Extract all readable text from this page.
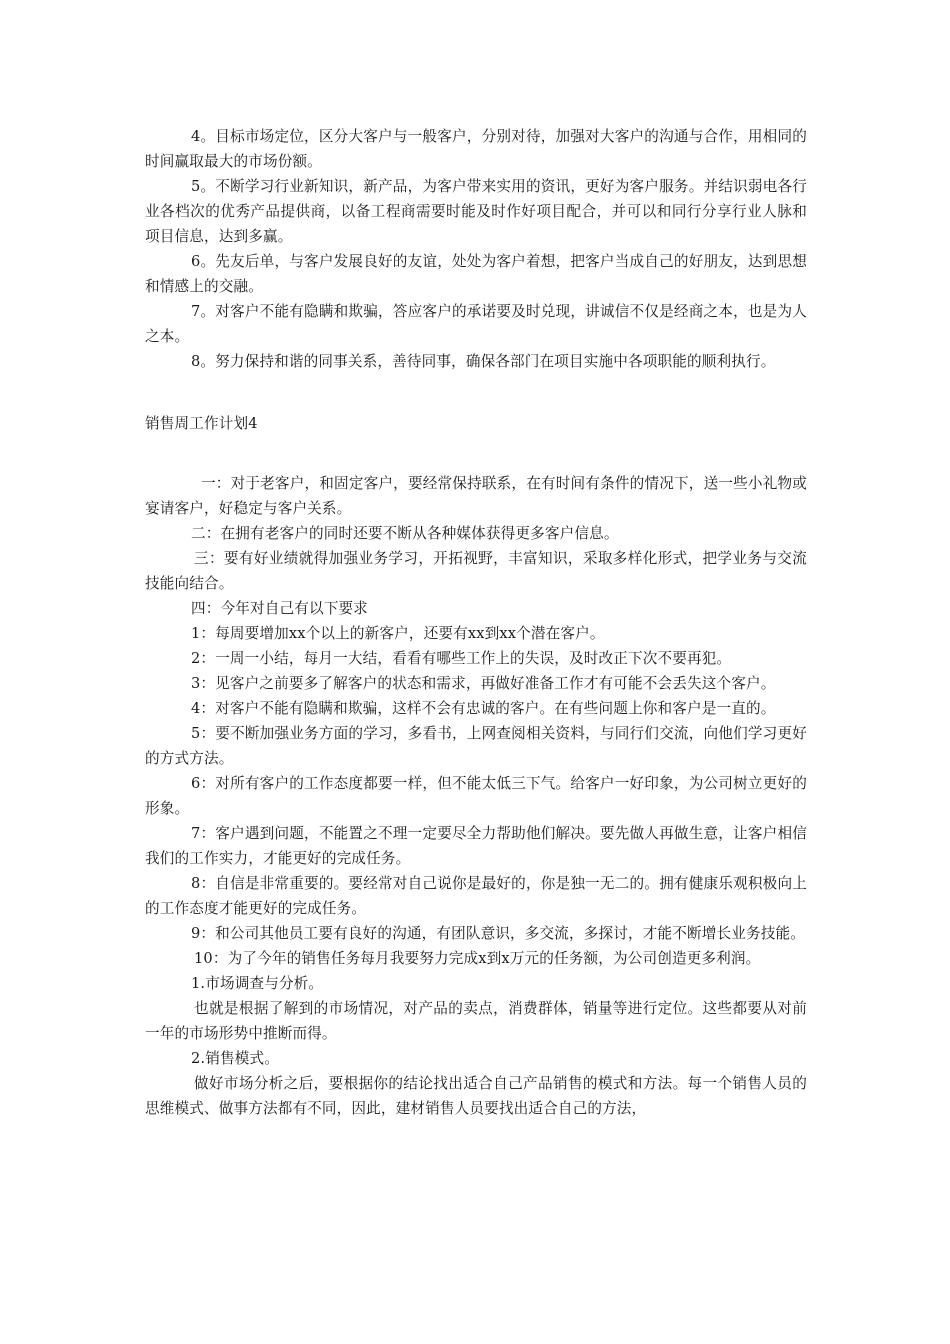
4。目标市场定位，区分大客户与一般客户，分别对待，加强对大客户的沟通与合作，用相同的时间赢取最大的市场份额。

5。不断学习行业新知识，新产品，为客户带来实用的资讯，更好为客户服务。并结识弱电各行业各档次的优秀产品提供商，以备工程商需要时能及时作好项目配合，并可以和同行分享行业人脉和项目信息，达到多赢。

6。先友后单，与客户发展良好的友谊，处处为客户着想，把客户当成自己的好朋友，达到思想和情感上的交融。

7。对客户不能有隐瞒和欺骗，答应客户的承诺要及时兑现，讲诚信不仅是经商之本，也是为人之本。

8。努力保持和谐的同事关系，善待同事，确保各部门在项目实施中各项职能的顺利执行。

销售周工作计划4

一：对于老客户，和固定客户，要经常保持联系，在有时间有条件的情况下，送一些小礼物或宴请客户，好稳定与客户关系。

二：在拥有老客户的同时还要不断从各种媒体获得更多客户信息。

三：要有好业绩就得加强业务学习，开拓视野，丰富知识，采取多样化形式，把学业务与交流技能向结合。

四：今年对自己有以下要求

1：每周要增加xx个以上的新客户，还要有xx到xx个潜在客户。

2：一周一小结，每月一大结，看看有哪些工作上的失误，及时改正下次不要再犯。

3：见客户之前要多了解客户的状态和需求，再做好准备工作才有可能不会丢失这个客户。

4：对客户不能有隐瞒和欺骗，这样不会有忠诚的客户。在有些问题上你和客户是一直的。

5：要不断加强业务方面的学习，多看书，上网查阅相关资料，与同行们交流，向他们学习更好的方式方法。

6：对所有客户的工作态度都要一样，但不能太低三下气。给客户一好印象，为公司树立更好的形象。

7：客户遇到问题，不能置之不理一定要尽全力帮助他们解决。要先做人再做生意，让客户相信我们的工作实力，才能更好的完成任务。

8：自信是非常重要的。要经常对自己说你是最好的，你是独一无二的。拥有健康乐观积极向上的工作态度才能更好的完成任务。

9：和公司其他员工要有良好的沟通，有团队意识，多交流，多探讨，才能不断增长业务技能。

10：为了今年的销售任务每月我要努力完成x到x万元的任务额，为公司创造更多利润。

1.市场调查与分析。

也就是根据了解到的市场情况，对产品的卖点，消费群体，销量等进行定位。这些都要从对前一年的市场形势中推断而得。

2.销售模式。

做好市场分析之后，要根据你的结论找出适合自己产品销售的模式和方法。每一个销售人员的思维模式、做事方法都有不同，因此，建材销售人员要找出适合自己的方法，
